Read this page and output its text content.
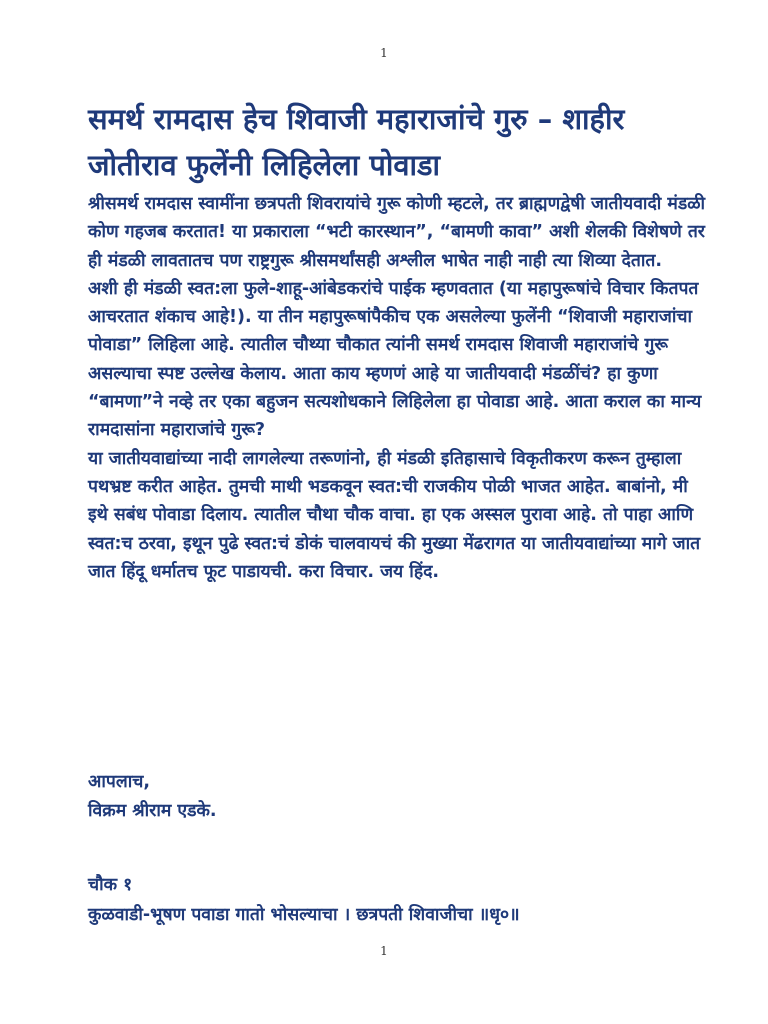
1
समर्थ रामदास हेच शिवाजी महाराजांचे गुरु – शाहीर जोतीराव फुलेंनी लिहिलेला पोवाडा

श्रीसमर्थ रामदास स्वामींना छत्रपती शिवरायांचे गुरू कोणी म्हटले, तर ब्राह्मणद्वेषी जातीयवादी मंडळी कोण गहजब करतात! या प्रकाराला “भटी कारस्थान”, “बामणी कावा” अशी शेलकी विशेषणे तर ही मंडळी लावतातच पण राष्ट्रगुरू श्रीसमर्थांसही अश्लील भाषेत नाही नाही त्या शिव्या देतात.

अशी ही मंडळी स्वत:ला फुले-शाहू-आंबेडकरांचे पाईक म्हणवतात (या महापुरूषांचे विचार कितपत आचरतात शंकाच आहे!). या तीन महापुरूषांपैकीच एक असलेल्या फुलेंनी “शिवाजी महाराजांचा पोवाडा” लिहिला आहे. त्यातील चौथ्या चौकात त्यांनी समर्थ रामदास शिवाजी महाराजांचे गुरू असल्याचा स्पष्ट उल्लेख केलाय. आता काय म्हणणं आहे या जातीयवादी मंडळींचं? हा कुणा “बामणा”ने नव्हे तर एका बहुजन सत्यशोधकाने लिहिलेला हा पोवाडा आहे. आता कराल का मान्य रामदासांना महाराजांचे गुरू?

या जातीयवाद्यांच्या नादी लागलेल्या तरूणांनो, ही मंडळी इतिहासाचे विकृतीकरण करून तुम्हाला पथभ्रष्ट करीत आहेत. तुमची माथी भडकवून स्वत:ची राजकीय पोळी भाजत आहेत. बाबांनो, मी इथे सबंध पोवाडा दिलाय. त्यातील चौथा चौक वाचा. हा एक अस्सल पुरावा आहे. तो पाहा आणि स्वत:च ठरवा, इथून पुढे स्वत:चं डोकं चालवायचं की मुख्या मेंढरागत या जातीयवाद्यांच्या मागे जात जात हिंदू धर्मातच फूट पाडायची. करा विचार. जय हिंद.

आपलाच,

विक्रम श्रीराम एडके.

चौक १

कुळवाडी-भूषण पवाडा गातो भोसल्याचा । छत्रपती शिवाजीचा ॥धृ०॥

1
